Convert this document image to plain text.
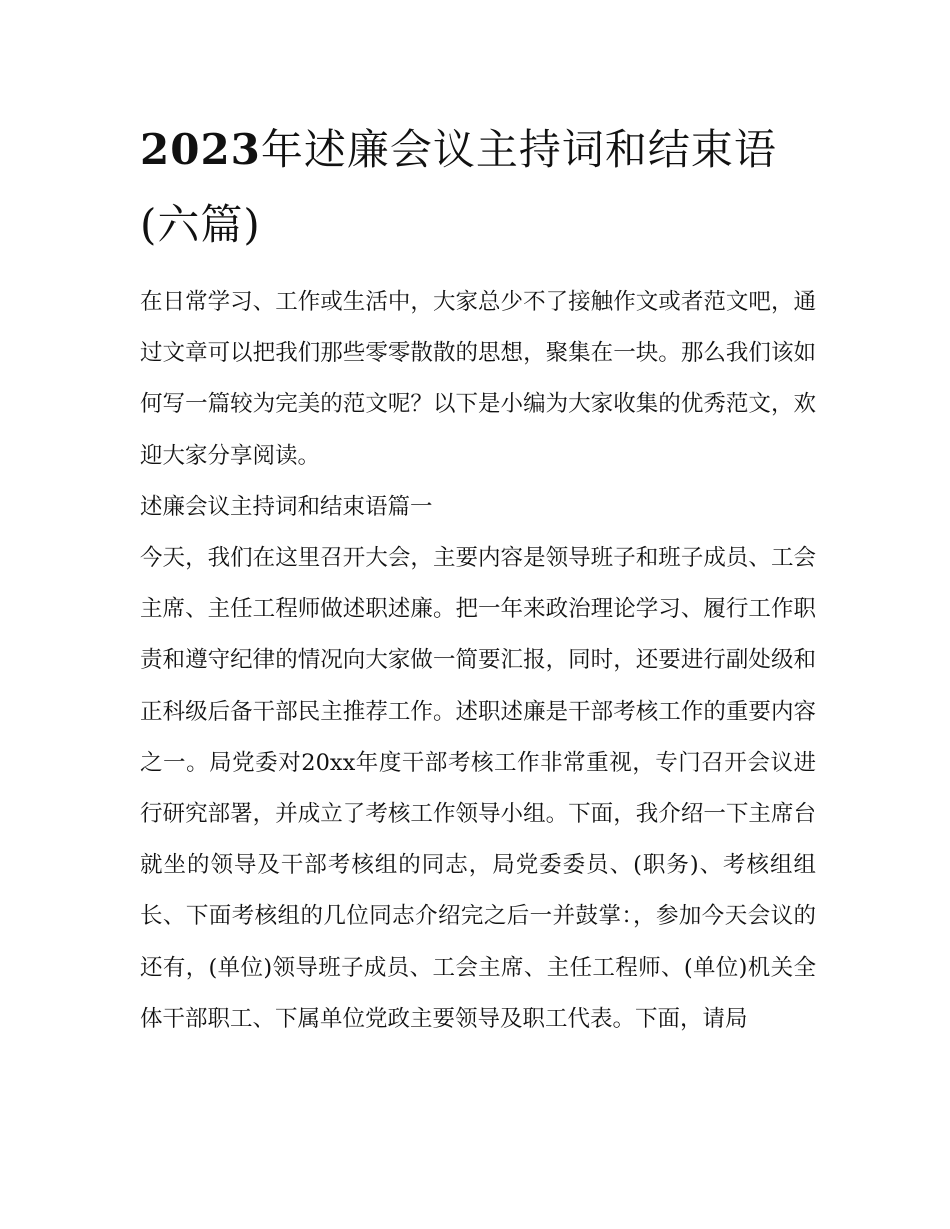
2023年述廉会议主持词和结束语(六篇)

在日常学习、工作或生活中，大家总少不了接触作文或者范文吧，通过文章可以把我们那些零零散散的思想，聚集在一块。那么我们该如何写一篇较为完美的范文呢？以下是小编为大家收集的优秀范文，欢迎大家分享阅读。

述廉会议主持词和结束语篇一

今天，我们在这里召开大会，主要内容是领导班子和班子成员、工会主席、主任工程师做述职述廉。把一年来政治理论学习、履行工作职责和遵守纪律的情况向大家做一简要汇报，同时，还要进行副处级和正科级后备干部民主推荐工作。述职述廉是干部考核工作的重要内容之一。局党委对20xx年度干部考核工作非常重视，专门召开会议进行研究部署，并成立了考核工作领导小组。下面，我介绍一下主席台就坐的领导及干部考核组的同志，局党委委员、(职务)、考核组组长、下面考核组的几位同志介绍完之后一并鼓掌：，参加今天会议的还有，(单位)领导班子成员、工会主席、主任工程师、(单位)机关全体干部职工、下属单位党政主要领导及职工代表。下面，请局
